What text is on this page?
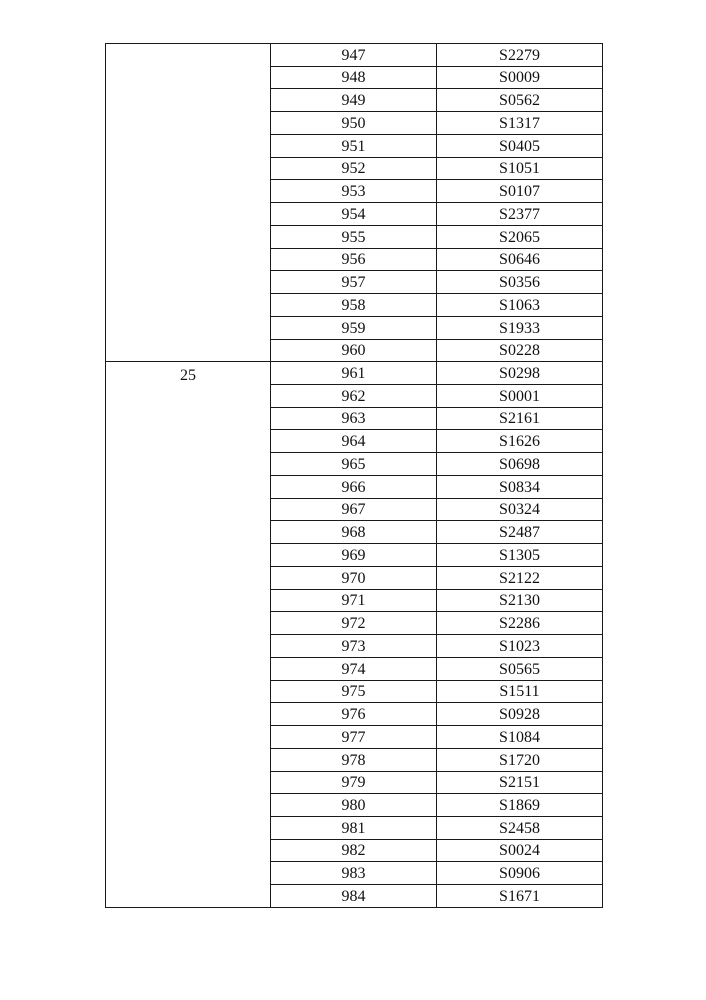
	947	S2279
	948	S0009
	949	S0562
	950	S1317
	951	S0405
	952	S1051
	953	S0107
	954	S2377
	955	S2065
	956	S0646
	957	S0356
	958	S1063
	959	S1933
	960	S0228
25	961	S0298
	962	S0001
	963	S2161
	964	S1626
	965	S0698
	966	S0834
	967	S0324
	968	S2487
	969	S1305
	970	S2122
	971	S2130
	972	S2286
	973	S1023
	974	S0565
	975	S1511
	976	S0928
	977	S1084
	978	S1720
	979	S2151
	980	S1869
	981	S2458
	982	S0024
	983	S0906
	984	S1671
